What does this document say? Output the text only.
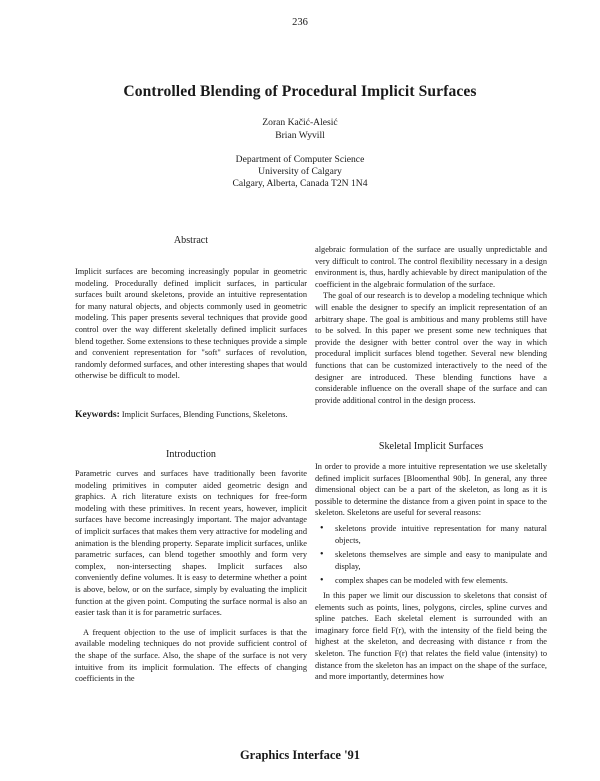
236
Controlled Blending of Procedural Implicit Surfaces
Zoran Kačić-Alesić
Brian Wyvill
Department of Computer Science
University of Calgary
Calgary, Alberta, Canada T2N 1N4
Abstract

Implicit surfaces are becoming increasingly popular in geometric modeling. Procedurally defined implicit surfaces, in particular surfaces built around skeletons, provide an intuitive representation for many natural objects, and objects commonly used in geometric modeling. This paper presents several techniques that provide good control over the way different skeletally defined implicit surfaces blend together. Some extensions to these techniques provide a simple and convenient representation for "soft" surfaces of revolution, randomly deformed surfaces, and other interesting shapes that would otherwise be difficult to model.

Keywords: Implicit Surfaces, Blending Functions, Skeletons.
Introduction

Parametric curves and surfaces have traditionally been favorite modeling primitives in computer aided geometric design and graphics. A rich literature exists on techniques for free-form modeling with these primitives. In recent years, however, implicit surfaces have become increasingly important. The major advantage of implicit surfaces that makes them very attractive for modeling and animation is the blending property. Separate implicit surfaces, unlike parametric surfaces, can blend together smoothly and form very complex, non-intersecting shapes. Implicit surfaces also conveniently define volumes. It is easy to determine whether a point is above, below, or on the surface, simply by evaluating the implicit function at the given point. Computing the surface normal is also an easier task than it is for parametric surfaces.

A frequent objection to the use of implicit surfaces is that the available modeling techniques do not provide sufficient control of the shape of the surface. Also, the shape of the surface is not very intuitive from its implicit formulation. The effects of changing coefficients in the

algebraic formulation of the surface are usually unpredictable and very difficult to control. The control flexibility necessary in a design environment is, thus, hardly achievable by direct manipulation of the coefficient in the algebraic formulation of the surface.

The goal of our research is to develop a modeling technique which will enable the designer to specify an implicit representation of an arbitrary shape. The goal is ambitious and many problems still have to be solved. In this paper we present some new techniques that provide the designer with better control over the way in which procedural implicit surfaces blend together. Several new blending functions that can be customized interactively to the need of the designer are introduced. These blending functions have a considerable influence on the overall shape of the surface and can provide additional control in the design process.

Skeletal Implicit Surfaces

In order to provide a more intuitive representation we use skeletally defined implicit surfaces [Bloomenthal 90b]. In general, any three dimensional object can be a part of the skeleton, as long as it is possible to determine the distance from a given point in space to the skeleton. Skeletons are useful for several reasons:

• skeletons provide intuitive representation for many natural objects,
• skeletons themselves are simple and easy to manipulate and display,
• complex shapes can be modeled with few elements.

In this paper we limit our discussion to skeletons that consist of elements such as points, lines, polygons, circles, spline curves and spline patches. Each skeletal element is surrounded with an imaginary force field F(r), with the intensity of the field being the highest at the skeleton, and decreasing with distance r from the skeleton. The function F(r) that relates the field value (intensity) to distance from the skeleton has an impact on the shape of the surface, and more importantly, determines how

Graphics Interface '91
